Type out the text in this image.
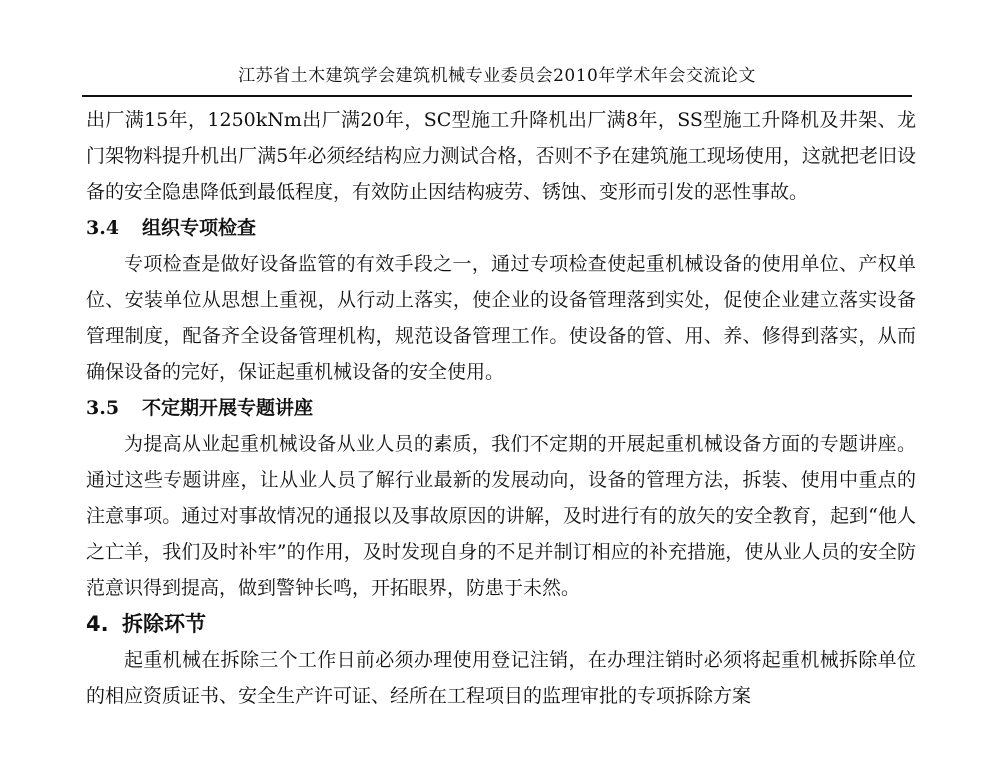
江苏省土木建筑学会建筑机械专业委员会2010年学术年会交流论文

出厂满15年，1250kNm出厂满20年，SC型施工升降机出厂满8年，SS型施工升降机及井架、龙门架物料提升机出厂满5年必须经结构应力测试合格，否则不予在建筑施工现场使用，这就把老旧设备的安全隐患降低到最低程度，有效防止因结构疲劳、锈蚀、变形而引发的恶性事故。

3.4 组织专项检查

专项检查是做好设备监管的有效手段之一，通过专项检查使起重机械设备的使用单位、产权单位、安装单位从思想上重视，从行动上落实，使企业的设备管理落到实处，促使企业建立落实设备管理制度，配备齐全设备管理机构，规范设备管理工作。使设备的管、用、养、修得到落实，从而确保设备的完好，保证起重机械设备的安全使用。

3.5 不定期开展专题讲座

为提高从业起重机械设备从业人员的素质，我们不定期的开展起重机械设备方面的专题讲座。通过这些专题讲座，让从业人员了解行业最新的发展动向，设备的管理方法，拆装、使用中重点的注意事项。通过对事故情况的通报以及事故原因的讲解，及时进行有的放矢的安全教育，起到“他人之亡羊，我们及时补牢”的作用，及时发现自身的不足并制订相应的补充措施，使从业人员的安全防范意识得到提高，做到警钟长鸣，开拓眼界，防患于未然。

4. 拆除环节

起重机械在拆除三个工作日前必须办理使用登记注销，在办理注销时必须将起重机械拆除单位的相应资质证书、安全生产许可证、经所在工程项目的监理审批的专项拆除方案
